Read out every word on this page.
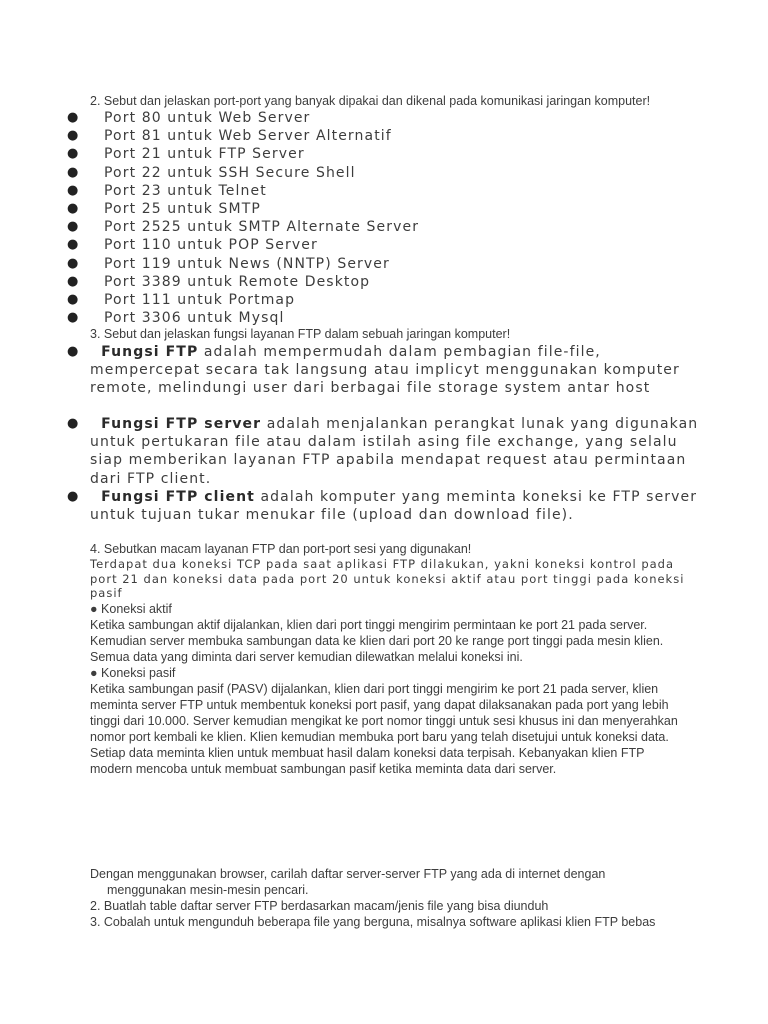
2. Sebut dan jelaskan port-port yang banyak dipakai dan dikenal pada komunikasi jaringan komputer!
● Port 80 untuk Web Server
● Port 81 untuk Web Server Alternatif
● Port 21 untuk FTP Server
● Port 22 untuk SSH Secure Shell
● Port 23 untuk Telnet
● Port 25 untuk SMTP
● Port 2525 untuk SMTP Alternate Server
● Port 110 untuk POP Server
● Port 119 untuk News (NNTP) Server
● Port 3389 untuk Remote Desktop
● Port 111 untuk Portmap
● Port 3306 untuk Mysql
3. Sebut dan jelaskan fungsi layanan FTP dalam sebuah jaringan komputer!
● Fungsi FTP adalah mempermudah dalam pembagian file-file, mempercepat secara tak langsung atau implicyt menggunakan komputer remote, melindungi user dari berbagai file storage system antar host
● Fungsi FTP server adalah menjalankan perangkat lunak yang digunakan untuk pertukaran file atau dalam istilah asing file exchange, yang selalu siap memberikan layanan FTP apabila mendapat request atau permintaan dari FTP client.
● Fungsi FTP client adalah komputer yang meminta koneksi ke FTP server untuk tujuan tukar menukar file (upload dan download file).
4. Sebutkan macam layanan FTP dan port-port sesi yang digunakan!
Terdapat dua koneksi TCP pada saat aplikasi FTP dilakukan, yakni koneksi kontrol pada port 21 dan koneksi data pada port 20 untuk koneksi aktif atau port tinggi pada koneksi pasif
● Koneksi aktif
Ketika sambungan aktif dijalankan, klien dari port tinggi mengirim permintaan ke port 21 pada server. Kemudian server membuka sambungan data ke klien dari port 20 ke range port tinggi pada mesin klien. Semua data yang diminta dari server kemudian dilewatkan melalui koneksi ini.
● Koneksi pasif
Ketika sambungan pasif (PASV) dijalankan, klien dari port tinggi mengirim ke port 21 pada server, klien meminta server FTP untuk membentuk koneksi port pasif, yang dapat dilaksanakan pada port yang lebih tinggi dari 10.000. Server kemudian mengikat ke port nomor tinggi untuk sesi khusus ini dan menyerahkan nomor port kembali ke klien. Klien kemudian membuka port baru yang telah disetujui untuk koneksi data. Setiap data meminta klien untuk membuat hasil dalam koneksi data terpisah. Kebanyakan klien FTP modern mencoba untuk membuat sambungan pasif ketika meminta data dari server.
Dengan menggunakan browser, carilah daftar server-server FTP yang ada di internet dengan
menggunakan mesin-mesin pencari.
2. Buatlah table daftar server FTP berdasarkan macam/jenis file yang bisa diunduh
3. Cobalah untuk mengunduh beberapa file yang berguna, misalnya software aplikasi klien FTP bebas
